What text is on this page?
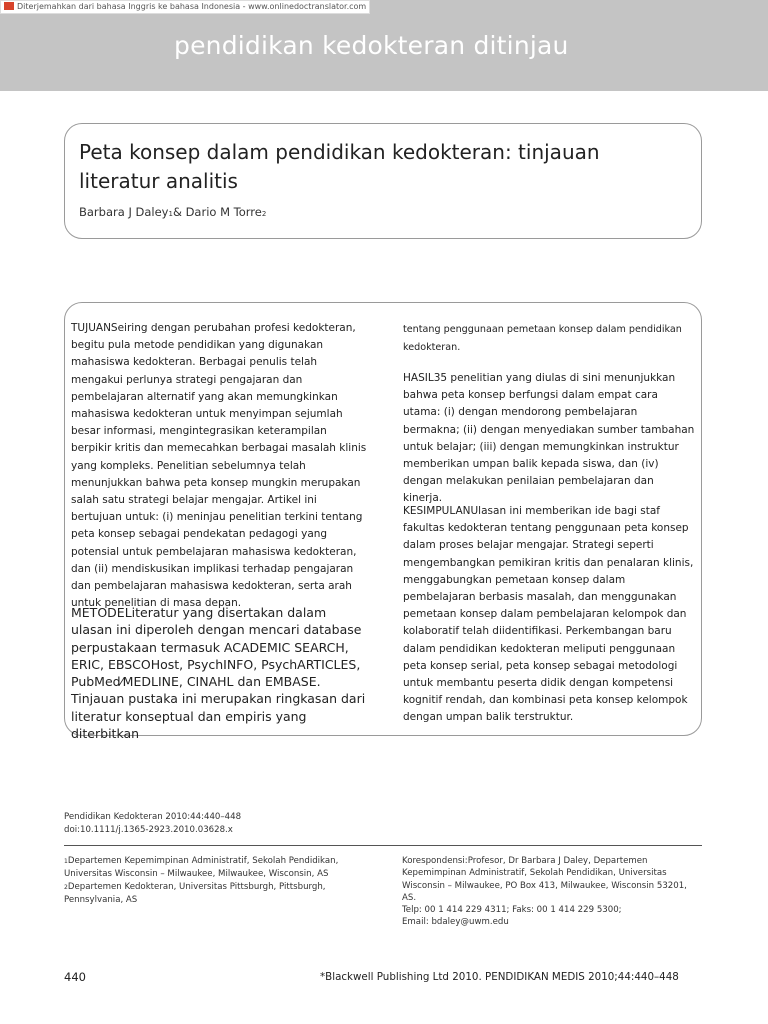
Diterjemahkan dari bahasa Inggris ke bahasa Indonesia - www.onlinedoctranslator.com
pendidikan kedokteran ditinjau
Peta konsep dalam pendidikan kedokteran: tinjauan literatur analitis
Barbara J Daley1& Dario M Torre2
TUJUANSeiring dengan perubahan profesi kedokteran, begitu pula metode pendidikan yang digunakan mahasiswa kedokteran. Berbagai penulis telah mengakui perlunya strategi pengajaran dan pembelajaran alternatif yang akan memungkinkan mahasiswa kedokteran untuk menyimpan sejumlah besar informasi, mengintegrasikan keterampilan berpikir kritis dan memecahkan berbagai masalah klinis yang kompleks. Penelitian sebelumnya telah menunjukkan bahwa peta konsep mungkin merupakan salah satu strategi belajar mengajar. Artikel ini bertujuan untuk: (i) meninjau penelitian terkini tentang peta konsep sebagai pendekatan pedagogi yang potensial untuk pembelajaran mahasiswa kedokteran, dan (ii) mendiskusikan implikasi terhadap pengajaran dan pembelajaran mahasiswa kedokteran, serta arah untuk penelitian di masa depan.
METODELiteratur yang disertakan dalam ulasan ini diperoleh dengan mencari database perpustakaan termasuk ACADEMIC SEARCH, ERIC, EBSCOHost, PsychINFO, PsychARTICLES, PubMed⁄MEDLINE, CINAHL dan EMBASE. Tinjauan pustaka ini merupakan ringkasan dari literatur konseptual dan empiris yang diterbitkan
tentang penggunaan pemetaan konsep dalam pendidikan kedokteran.
HASIL35 penelitian yang diulas di sini menunjukkan bahwa peta konsep berfungsi dalam empat cara utama: (i) dengan mendorong pembelajaran bermakna; (ii) dengan menyediakan sumber tambahan untuk belajar; (iii) dengan memungkinkan instruktur memberikan umpan balik kepada siswa, dan (iv) dengan melakukan penilaian pembelajaran dan kinerja.
KESIMPULANUlasan ini memberikan ide bagi staf fakultas kedokteran tentang penggunaan peta konsep dalam proses belajar mengajar. Strategi seperti mengembangkan pemikiran kritis dan penalaran klinis, menggabungkan pemetaan konsep dalam pembelajaran berbasis masalah, dan menggunakan pemetaan konsep dalam pembelajaran kelompok dan kolaboratif telah diidentifikasi. Perkembangan baru dalam pendidikan kedokteran meliputi penggunaan peta konsep serial, peta konsep sebagai metodologi untuk membantu peserta didik dengan kompetensi kognitif rendah, dan kombinasi peta konsep kelompok dengan umpan balik terstruktur.
Pendidikan Kedokteran 2010:44:440–448
doi:10.1111/j.1365-2923.2010.03628.x
1Departemen Kepemimpinan Administratif, Sekolah Pendidikan, Universitas Wisconsin – Milwaukee, Milwaukee, Wisconsin, AS
2Departemen Kedokteran, Universitas Pittsburgh, Pittsburgh, Pennsylvania, AS
Korespondensi:Profesor, Dr Barbara J Daley, Departemen Kepemimpinan Administratif, Sekolah Pendidikan, Universitas Wisconsin – Milwaukee, PO Box 413, Milwaukee, Wisconsin 53201, AS.
Telp: 00 1 414 229 4311; Faks: 00 1 414 229 5300;
Email: bdaley@uwm.edu
440	*Blackwell Publishing Ltd 2010. PENDIDIKAN MEDIS 2010;44:440–448
